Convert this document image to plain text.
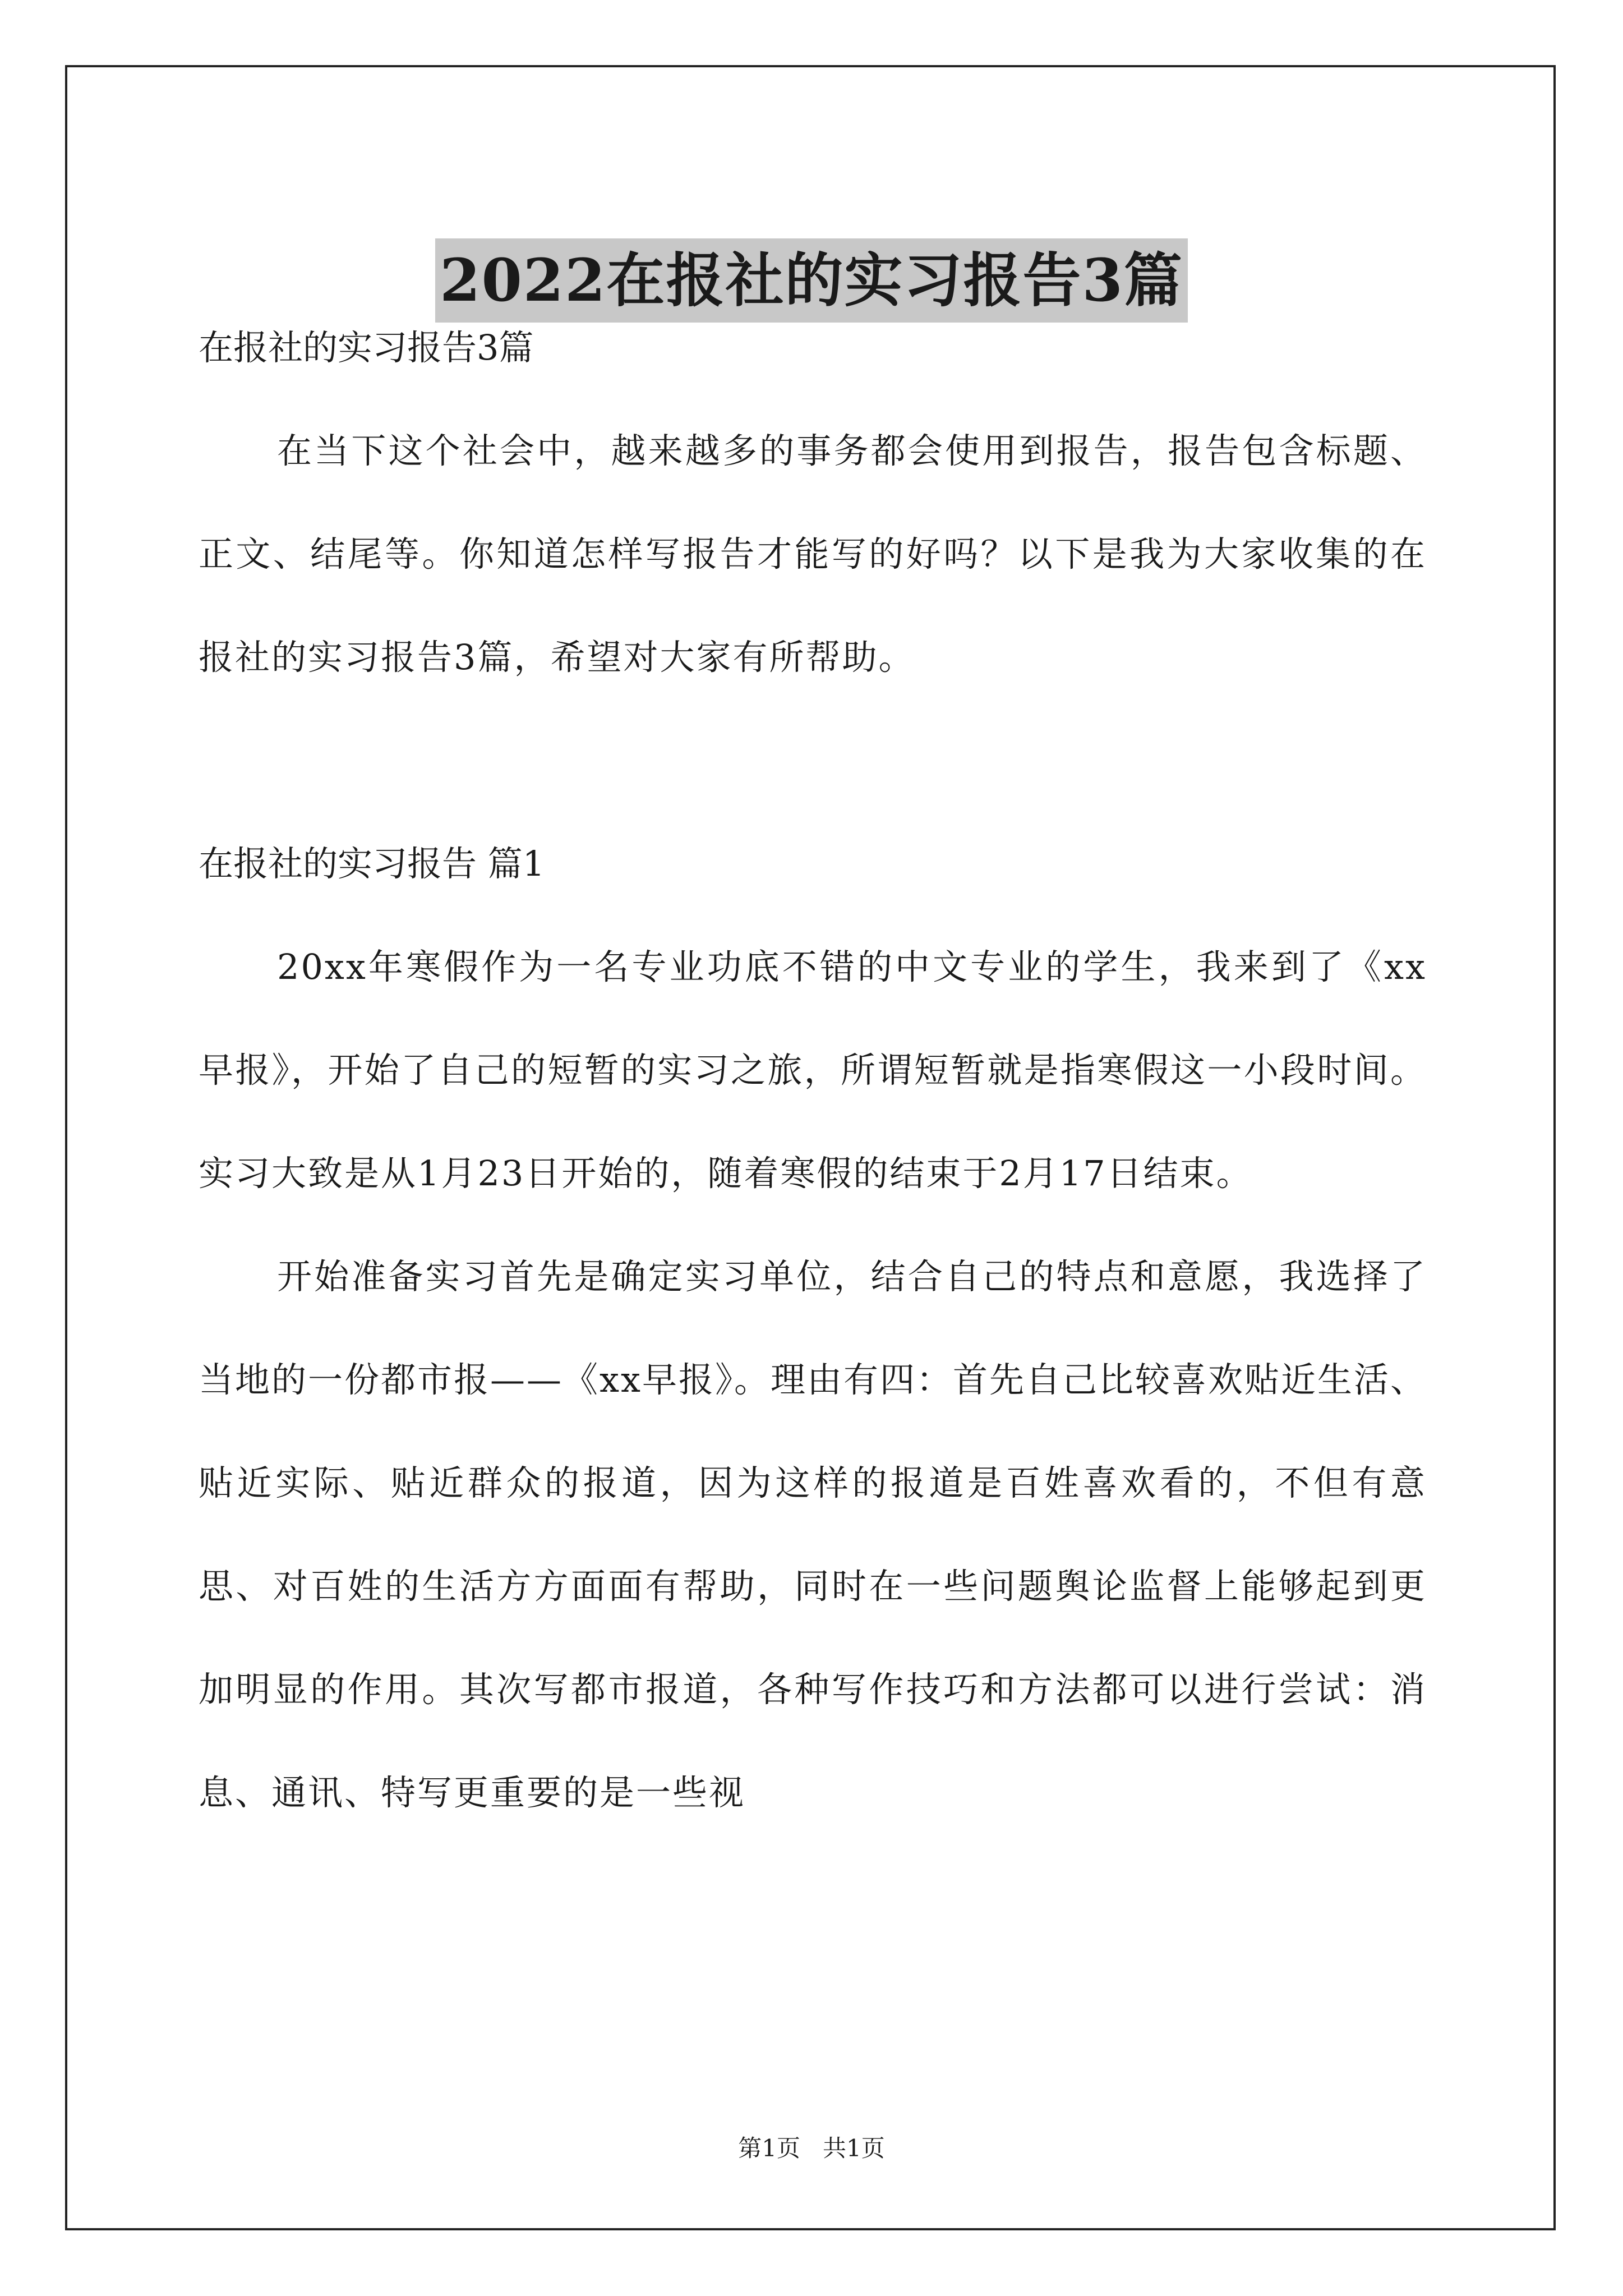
2022在报社的实习报告3篇

在报社的实习报告3篇

在当下这个社会中，越来越多的事务都会使用到报告，报告包含标题、正文、结尾等。你知道怎样写报告才能写的好吗？以下是我为大家收集的在报社的实习报告3篇，希望对大家有所帮助。

在报社的实习报告 篇1

20xx年寒假作为一名专业功底不错的中文专业的学生，我来到了《xx早报》，开始了自己的短暂的实习之旅，所谓短暂就是指寒假这一小段时间。实习大致是从1月23日开始的，随着寒假的结束于2月17日结束。

开始准备实习首先是确定实习单位，结合自己的特点和意愿，我选择了当地的一份都市报——《xx早报》。理由有四：首先自己比较喜欢贴近生活、贴近实际、贴近群众的报道，因为这样的报道是百姓喜欢看的，不但有意思、对百姓的生活方方面面有帮助，同时在一些问题舆论监督上能够起到更加明显的作用。其次写都市报道，各种写作技巧和方法都可以进行尝试：消息、通讯、特写更重要的是一些视

第1页   共1页
